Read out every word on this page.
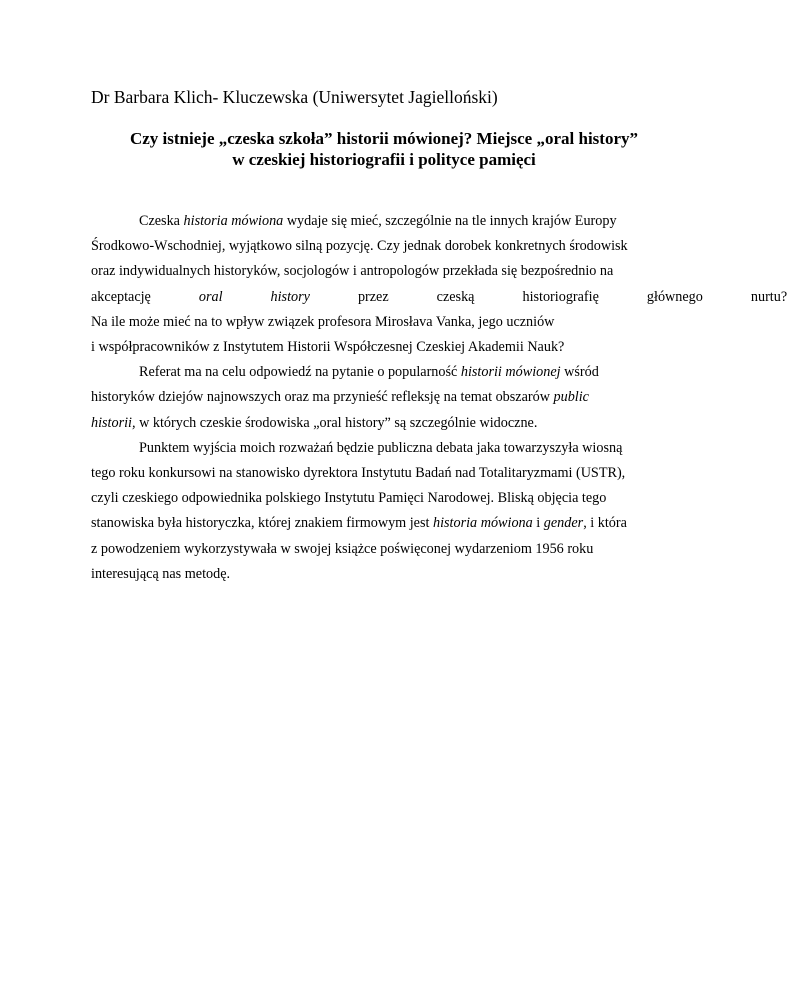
Dr Barbara Klich- Kluczewska (Uniwersytet Jagielloński)
Czy istnieje „czeska szkoła” historii mówionej? Miejsce „oral history”
w czeskiej historiografii i polityce pamięci
Czeska historia mówiona wydaje się mieć, szczególnie na tle innych krajów Europy
Środkowo-Wschodniej, wyjątkowo silną pozycję. Czy jednak dorobek konkretnych środowisk
oraz indywidualnych historyków, socjologów i antropologów przekłada się bezpośrednio na
akceptację	oral	history	przez	czeską	historiografię	głównego	nurtu?
Na ile może mieć na to wpływ związek profesora Mirosłava Vanka, jego uczniów
i współpracowników z Instytutem Historii Współczesnej Czeskiej Akademii Nauk?
Referat ma na celu odpowiedź na pytanie o popularność historii mówionej wśród
historyków dziejów najnowszych oraz ma przynieść refleksję na temat obszarów public
historii, w których czeskie środowiska „oral history” są szczególnie widoczne.
Punktem wyjścia moich rozważań będzie publiczna debata jaka towarzyszyła wiosną
tego roku konkursowi na stanowisko dyrektora Instytutu Badań nad Totalitaryzmami (USTR),
czyli czeskiego odpowiednika polskiego Instytutu Pamięci Narodowej. Bliską objęcia tego
stanowiska była historyczka, której znakiem firmowym jest historia mówiona i gender, i która
z powodzeniem wykorzystywała w swojej książce poświęconej wydarzeniom 1956 roku
interesującą nas metodę.
